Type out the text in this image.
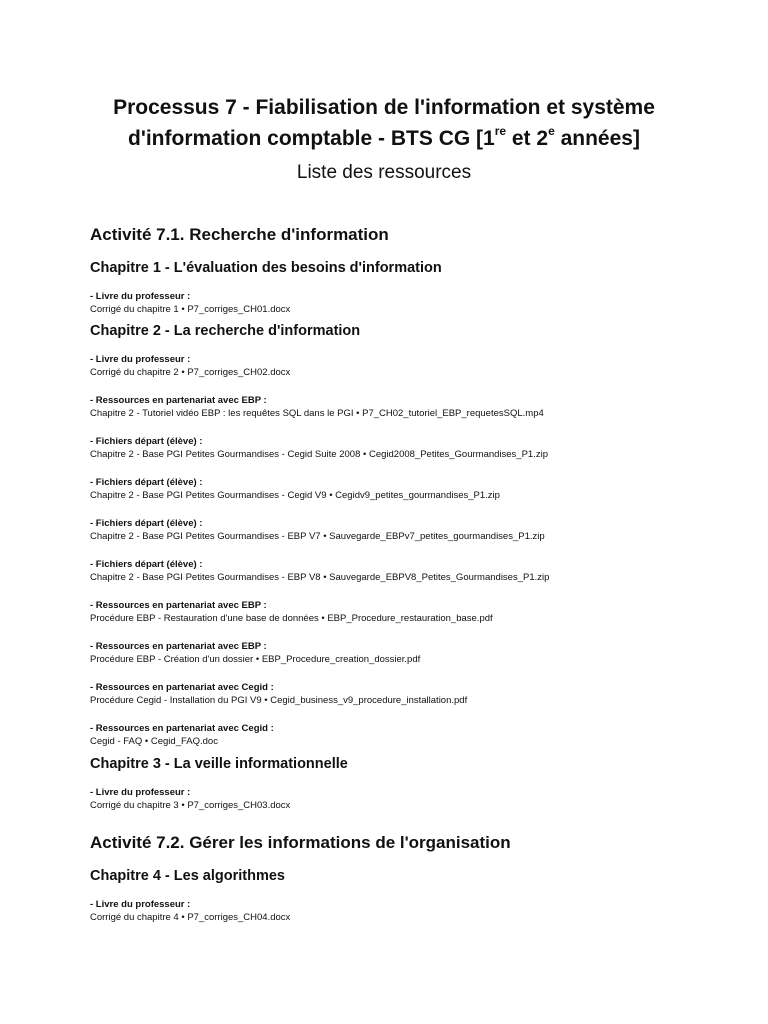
Processus 7 - Fiabilisation de l'information et système
d'information comptable - BTS CG [1re et 2e années]
Liste des ressources
Activité 7.1. Recherche d'information
Chapitre 1 - L'évaluation des besoins d'information
- Livre du professeur :
Corrigé du chapitre 1 • P7_corriges_CH01.docx
Chapitre 2 - La recherche d'information
- Livre du professeur :
Corrigé du chapitre 2 • P7_corriges_CH02.docx
- Ressources en partenariat avec EBP :
Chapitre 2 - Tutoriel vidéo EBP : les requêtes SQL dans le PGI • P7_CH02_tutoriel_EBP_requetesSQL.mp4
- Fichiers départ (élève) :
Chapitre 2 - Base PGI Petites Gourmandises - Cegid Suite 2008 • Cegid2008_Petites_Gourmandises_P1.zip
- Fichiers départ (élève) :
Chapitre 2 - Base PGI Petites Gourmandises - Cegid V9 • Cegidv9_petites_gourmandises_P1.zip
- Fichiers départ (élève) :
Chapitre 2 - Base PGI Petites Gourmandises - EBP V7 • Sauvegarde_EBPv7_petites_gourmandises_P1.zip
- Fichiers départ (élève) :
Chapitre 2 - Base PGI Petites Gourmandises - EBP V8 • Sauvegarde_EBPV8_Petites_Gourmandises_P1.zip
- Ressources en partenariat avec EBP :
Procédure EBP - Restauration d'une base de données • EBP_Procedure_restauration_base.pdf
- Ressources en partenariat avec EBP :
Procédure EBP - Création d'un dossier • EBP_Procedure_creation_dossier.pdf
- Ressources en partenariat avec Cegid :
Procédure Cegid - Installation du PGI V9 • Cegid_business_v9_procedure_installation.pdf
- Ressources en partenariat avec Cegid :
Cegid - FAQ • Cegid_FAQ.doc
Chapitre 3 - La veille informationnelle
- Livre du professeur :
Corrigé du chapitre 3 • P7_corriges_CH03.docx
Activité 7.2. Gérer les informations de l'organisation
Chapitre 4 - Les algorithmes
- Livre du professeur :
Corrigé du chapitre 4 • P7_corriges_CH04.docx
